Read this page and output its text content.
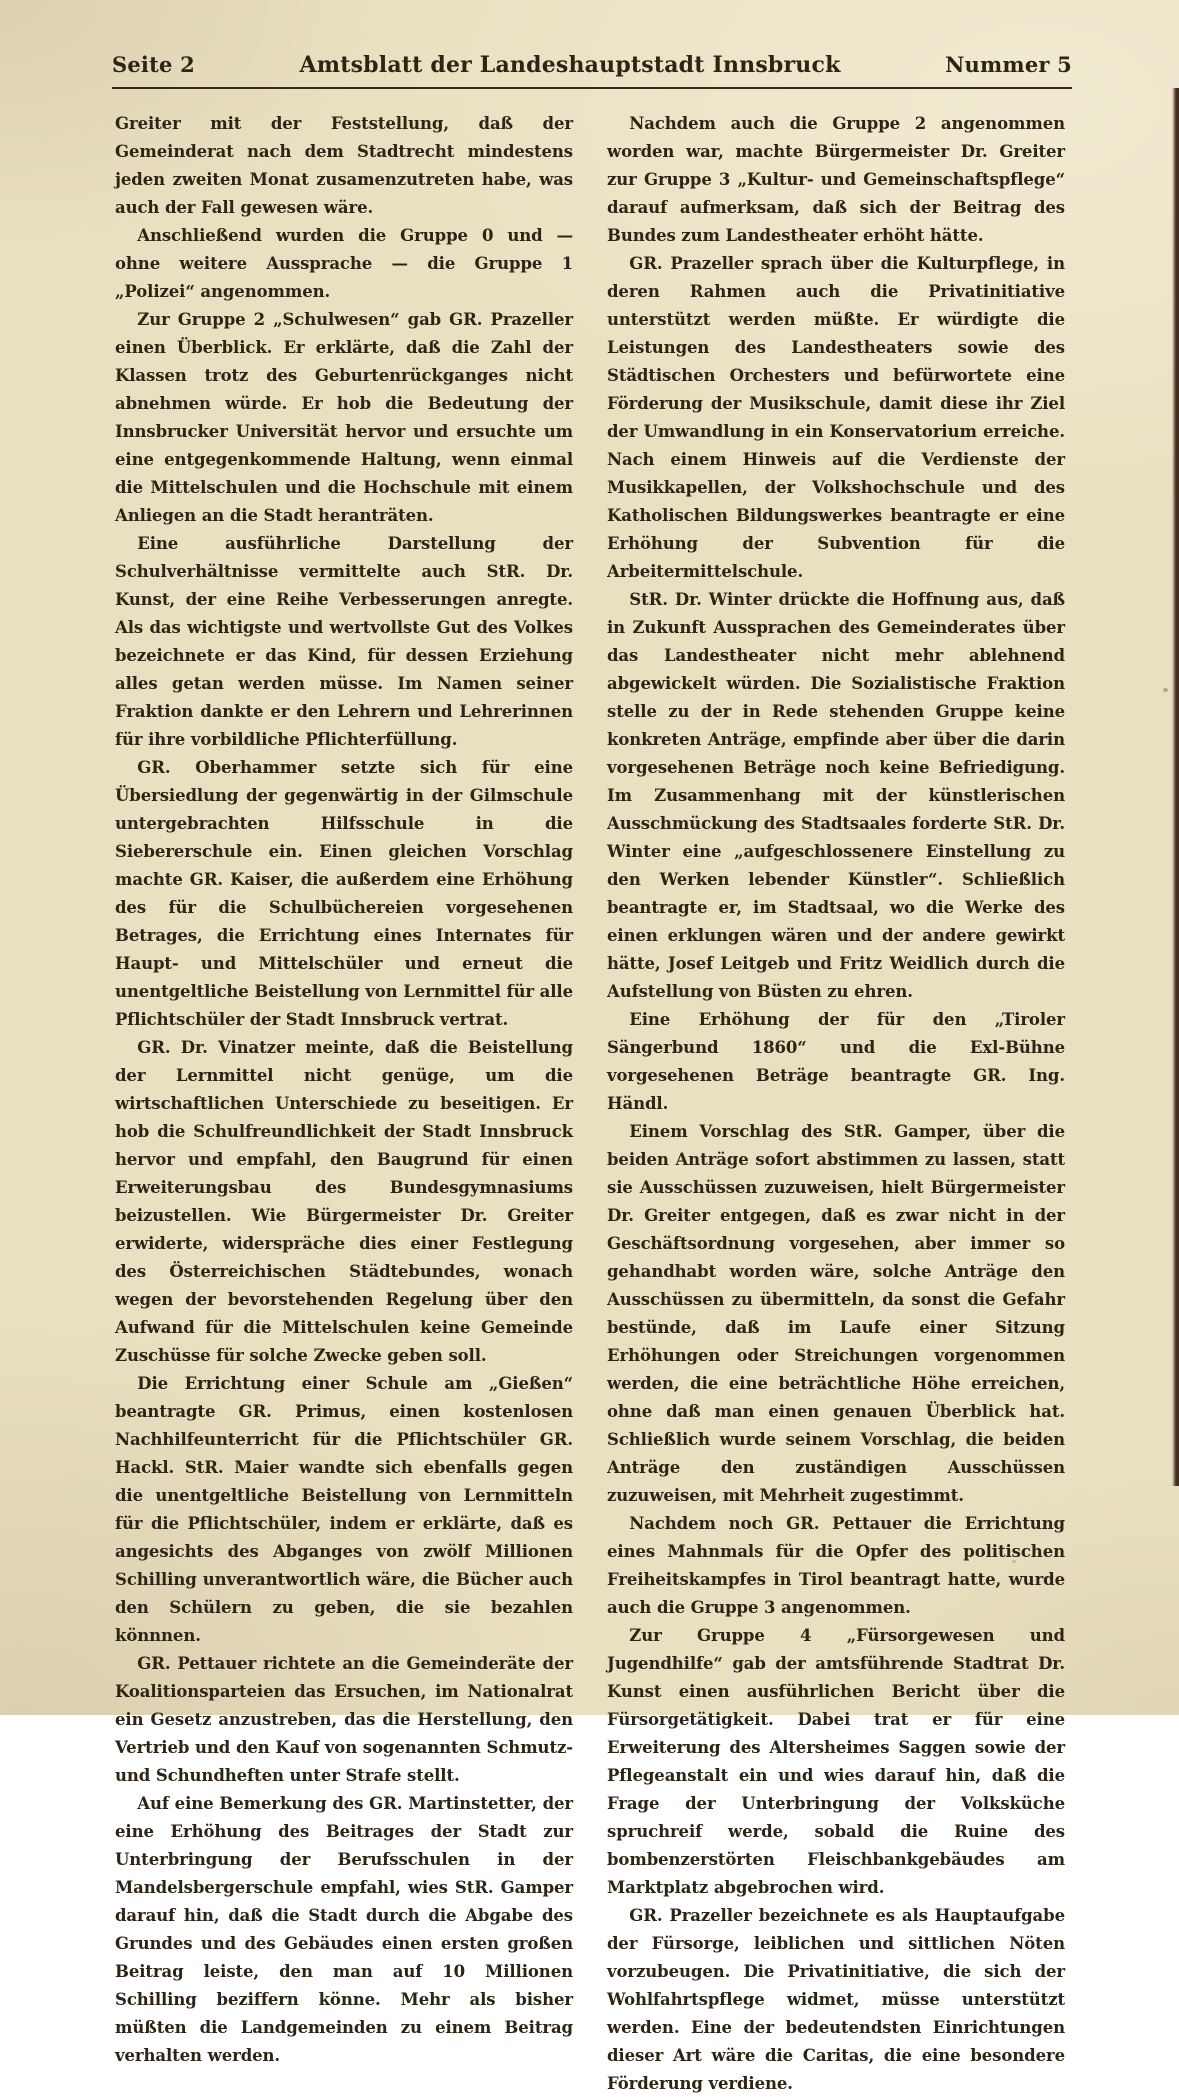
Seite 2	Amtsblatt der Landeshauptstadt Innsbruck	Nummer 5

Greiter mit der Feststellung, daß der Gemeinderat nach dem Stadtrecht mindestens jeden zweiten Monat zusamenzutreten habe, was auch der Fall gewesen wäre.

Anschließend wurden die Gruppe 0 und — ohne weitere Aussprache — die Gruppe 1 „Polizei“ angenommen.

Zur Gruppe 2 „Schulwesen“ gab GR. Prazeller einen Überblick. Er erklärte, daß die Zahl der Klassen trotz des Geburtenrückganges nicht abnehmen würde. Er hob die Bedeutung der Innsbrucker Universität hervor und ersuchte um eine entgegenkommende Haltung, wenn einmal die Mittelschulen und die Hochschule mit einem Anliegen an die Stadt heranträten.

Eine ausführliche Darstellung der Schulverhältnisse vermittelte auch StR. Dr. Kunst, der eine Reihe Verbesserungen anregte. Als das wichtigste und wertvollste Gut des Volkes bezeichnete er das Kind, für dessen Erziehung alles getan werden müsse. Im Namen seiner Fraktion dankte er den Lehrern und Lehrerinnen für ihre vorbildliche Pflichterfüllung.

GR. Oberhammer setzte sich für eine Übersiedlung der gegenwärtig in der Gilmschule untergebrachten Hilfsschule in die Siebererschule ein. Einen gleichen Vorschlag machte GR. Kaiser, die außerdem eine Erhöhung des für die Schulbüchereien vorgesehenen Betrages, die Errichtung eines Internates für Haupt- und Mittelschüler und erneut die unentgeltliche Beistellung von Lernmittel für alle Pflichtschüler der Stadt Innsbruck vertrat.

GR. Dr. Vinatzer meinte, daß die Beistellung der Lernmittel nicht genüge, um die wirtschaftlichen Unterschiede zu beseitigen. Er hob die Schulfreundlichkeit der Stadt Innsbruck hervor und empfahl, den Baugrund für einen Erweiterungsbau des Bundesgymnasiums beizustellen. Wie Bürgermeister Dr. Greiter erwiderte, widerspräche dies einer Festlegung des Österreichischen Städtebundes, wonach wegen der bevorstehenden Regelung über den Aufwand für die Mittelschulen keine Gemeinde Zuschüsse für solche Zwecke geben soll.

Die Errichtung einer Schule am „Gießen“ beantragte GR. Primus, einen kostenlosen Nachhilfeunterricht für die Pflichtschüler GR. Hackl. StR. Maier wandte sich ebenfalls gegen die unentgeltliche Beistellung von Lernmitteln für die Pflichtschüler, indem er erklärte, daß es angesichts des Abganges von zwölf Millionen Schilling unverantwortlich wäre, die Bücher auch den Schülern zu geben, die sie bezahlen könnnen.

GR. Pettauer richtete an die Gemeinderäte der Koalitionsparteien das Ersuchen, im Nationalrat ein Gesetz anzustreben, das die Herstellung, den Vertrieb und den Kauf von sogenannten Schmutz- und Schundheften unter Strafe stellt.

Auf eine Bemerkung des GR. Martinstetter, der eine Erhöhung des Beitrages der Stadt zur Unterbringung der Berufsschulen in der Mandelsbergerschule empfahl, wies StR. Gamper darauf hin, daß die Stadt durch die Abgabe des Grundes und des Gebäudes einen ersten großen Beitrag leiste, den man auf 10 Millionen Schilling beziffern könne. Mehr als bisher müßten die Landgemeinden zu einem Beitrag verhalten werden.

Nachdem auch die Gruppe 2 angenommen worden war, machte Bürgermeister Dr. Greiter zur Gruppe 3 „Kultur- und Gemeinschaftspflege“ darauf aufmerksam, daß sich der Beitrag des Bundes zum Landestheater erhöht hätte.

GR. Prazeller sprach über die Kulturpflege, in deren Rahmen auch die Privatinitiative unterstützt werden müßte. Er würdigte die Leistungen des Landestheaters sowie des Städtischen Orchesters und befürwortete eine Förderung der Musikschule, damit diese ihr Ziel der Umwandlung in ein Konservatorium erreiche. Nach einem Hinweis auf die Verdienste der Musikkapellen, der Volkshochschule und des Katholischen Bildungswerkes beantragte er eine Erhöhung der Subvention für die Arbeitermittelschule.

StR. Dr. Winter drückte die Hoffnung aus, daß in Zukunft Aussprachen des Gemeinderates über das Landestheater nicht mehr ablehnend abgewickelt würden. Die Sozialistische Fraktion stelle zu der in Rede stehenden Gruppe keine konkreten Anträge, empfinde aber über die darin vorgesehenen Beträge noch keine Befriedigung. Im Zusammenhang mit der künstlerischen Ausschmückung des Stadtsaales forderte StR. Dr. Winter eine „aufgeschlossenere Einstellung zu den Werken lebender Künstler“. Schließlich beantragte er, im Stadtsaal, wo die Werke des einen erklungen wären und der andere gewirkt hätte, Josef Leitgeb und Fritz Weidlich durch die Aufstellung von Büsten zu ehren.

Eine Erhöhung der für den „Tiroler Sängerbund 1860“ und die Exl-Bühne vorgesehenen Beträge beantragte GR. Ing. Händl.

Einem Vorschlag des StR. Gamper, über die beiden Anträge sofort abstimmen zu lassen, statt sie Ausschüssen zuzuweisen, hielt Bürgermeister Dr. Greiter entgegen, daß es zwar nicht in der Geschäftsordnung vorgesehen, aber immer so gehandhabt worden wäre, solche Anträge den Ausschüssen zu übermitteln, da sonst die Gefahr bestünde, daß im Laufe einer Sitzung Erhöhungen oder Streichungen vorgenommen werden, die eine beträchtliche Höhe erreichen, ohne daß man einen genauen Überblick hat. Schließlich wurde seinem Vorschlag, die beiden Anträge den zuständigen Ausschüssen zuzuweisen, mit Mehrheit zugestimmt.

Nachdem noch GR. Pettauer die Errichtung eines Mahnmals für die Opfer des politischen Freiheitskampfes in Tirol beantragt hatte, wurde auch die Gruppe 3 angenommen.

Zur Gruppe 4 „Fürsorgewesen und Jugendhilfe“ gab der amtsführende Stadtrat Dr. Kunst einen ausführlichen Bericht über die Fürsorgetätigkeit. Dabei trat er für eine Erweiterung des Altersheimes Saggen sowie der Pflegeanstalt ein und wies darauf hin, daß die Frage der Unterbringung der Volksküche spruchreif werde, sobald die Ruine des bombenzerstörten Fleischbankgebäudes am Marktplatz abgebrochen wird.

GR. Prazeller bezeichnete es als Hauptaufgabe der Fürsorge, leiblichen und sittlichen Nöten vorzubeugen. Die Privatinitiative, die sich der Wohlfahrtspflege widmet, müsse unterstützt werden. Eine der bedeutendsten Einrichtungen dieser Art wäre die Caritas, die eine besondere Förderung verdiene.
